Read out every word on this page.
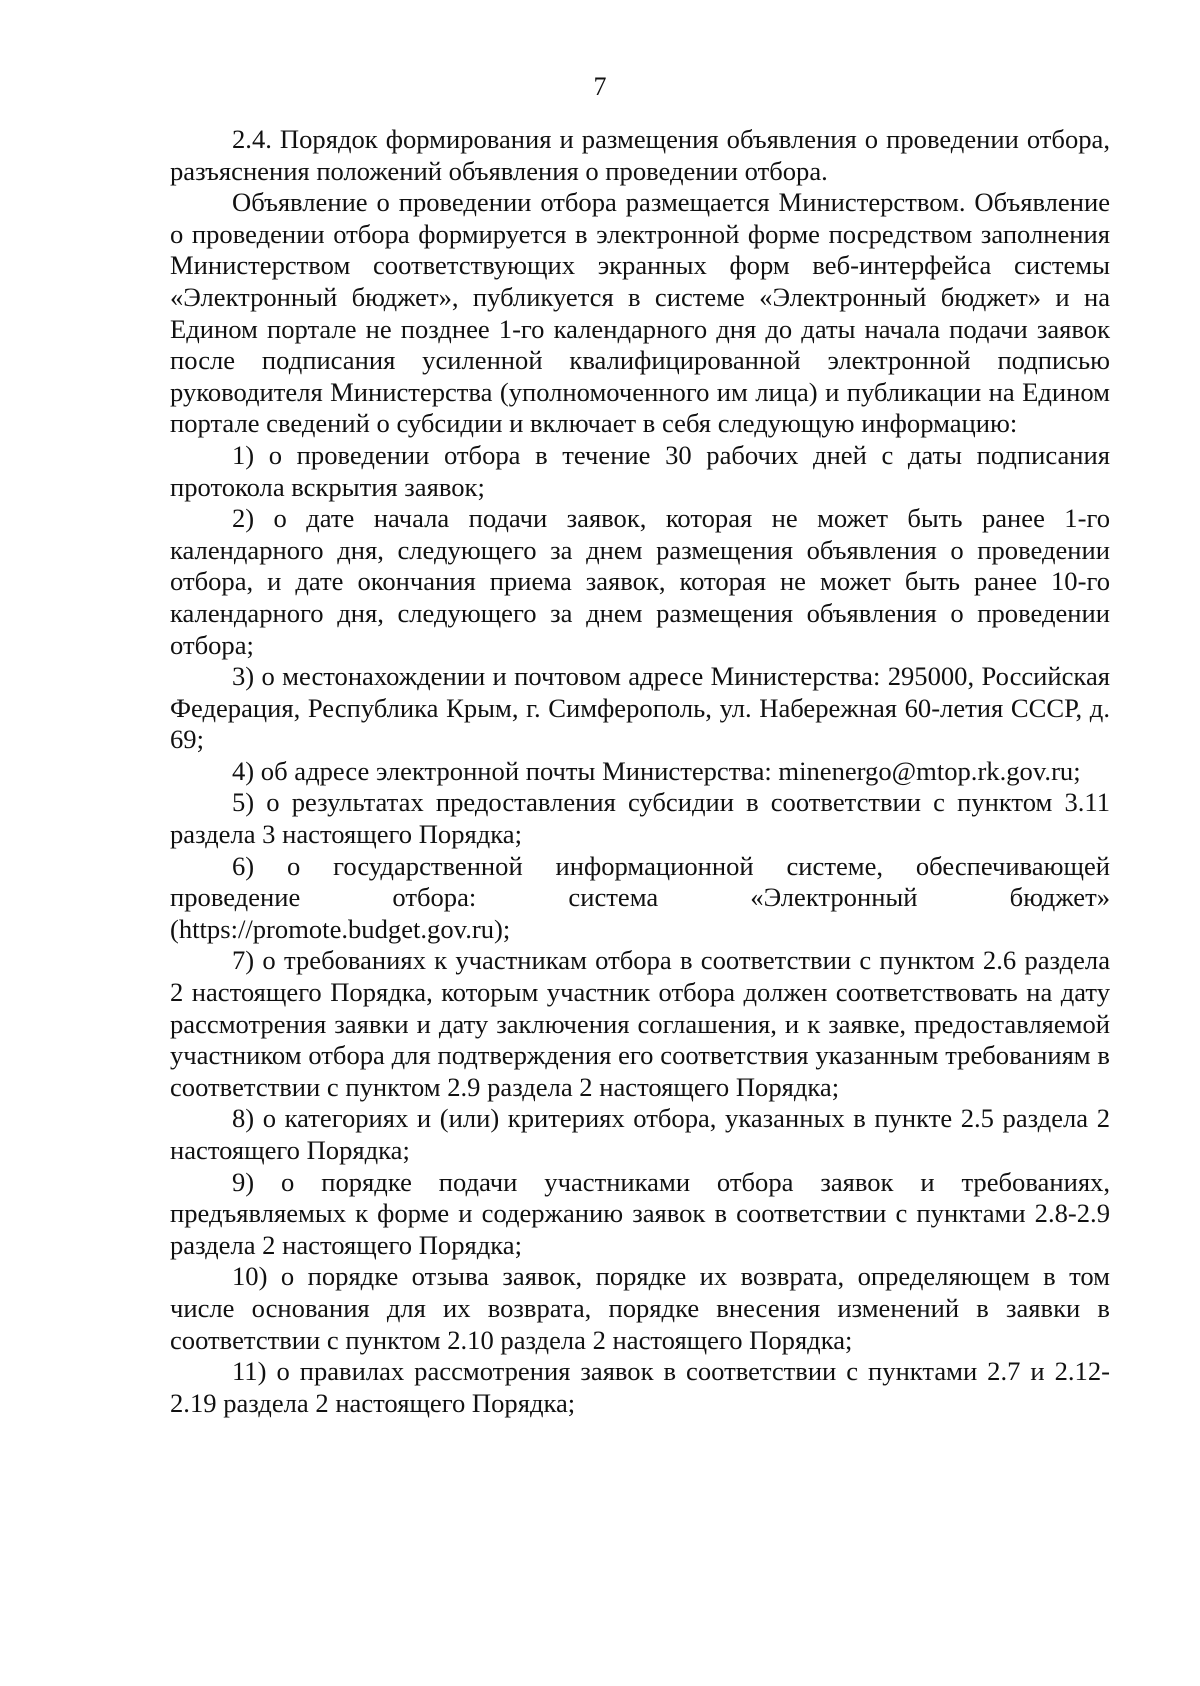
7

2.4. Порядок формирования и размещения объявления о проведении отбора, разъяснения положений объявления о проведении отбора.

Объявление о проведении отбора размещается Министерством. Объявление о проведении отбора формируется в электронной форме посредством заполнения Министерством соответствующих экранных форм веб-интерфейса системы «Электронный бюджет», публикуется в системе «Электронный бюджет» и на Едином портале не позднее 1-го календарного дня до даты начала подачи заявок после подписания усиленной квалифицированной электронной подписью руководителя Министерства (уполномоченного им лица) и публикации на Едином портале сведений о субсидии и включает в себя следующую информацию:

1) о проведении отбора в течение 30 рабочих дней с даты подписания протокола вскрытия заявок;

2) о дате начала подачи заявок, которая не может быть ранее 1-го календарного дня, следующего за днем размещения объявления о проведении отбора, и дате окончания приема заявок, которая не может быть ранее 10-го календарного дня, следующего за днем размещения объявления о проведении отбора;

3) о местонахождении и почтовом адресе Министерства: 295000, Российская Федерация, Республика Крым, г. Симферополь, ул. Набережная 60-летия СССР, д. 69;

4) об адресе электронной почты Министерства: minenergo@mtop.rk.gov.ru;

5) о результатах предоставления субсидии в соответствии с пунктом 3.11 раздела 3 настоящего Порядка;

6) о государственной информационной системе, обеспечивающей проведение отбора: система «Электронный бюджет» (https://promote.budget.gov.ru);

7) о требованиях к участникам отбора в соответствии с пунктом 2.6 раздела 2 настоящего Порядка, которым участник отбора должен соответствовать на дату рассмотрения заявки и дату заключения соглашения, и к заявке, предоставляемой участником отбора для подтверждения его соответствия указанным требованиям в соответствии с пунктом 2.9 раздела 2 настоящего Порядка;

8) о категориях и (или) критериях отбора, указанных в пункте 2.5 раздела 2 настоящего Порядка;

9) о порядке подачи участниками отбора заявок и требованиях, предъявляемых к форме и содержанию заявок в соответствии с пунктами 2.8-2.9 раздела 2 настоящего Порядка;

10) о порядке отзыва заявок, порядке их возврата, определяющем в том числе основания для их возврата, порядке внесения изменений в заявки в соответствии с пунктом 2.10 раздела 2 настоящего Порядка;

11) о правилах рассмотрения заявок в соответствии с пунктами 2.7 и 2.12-2.19 раздела 2 настоящего Порядка;
